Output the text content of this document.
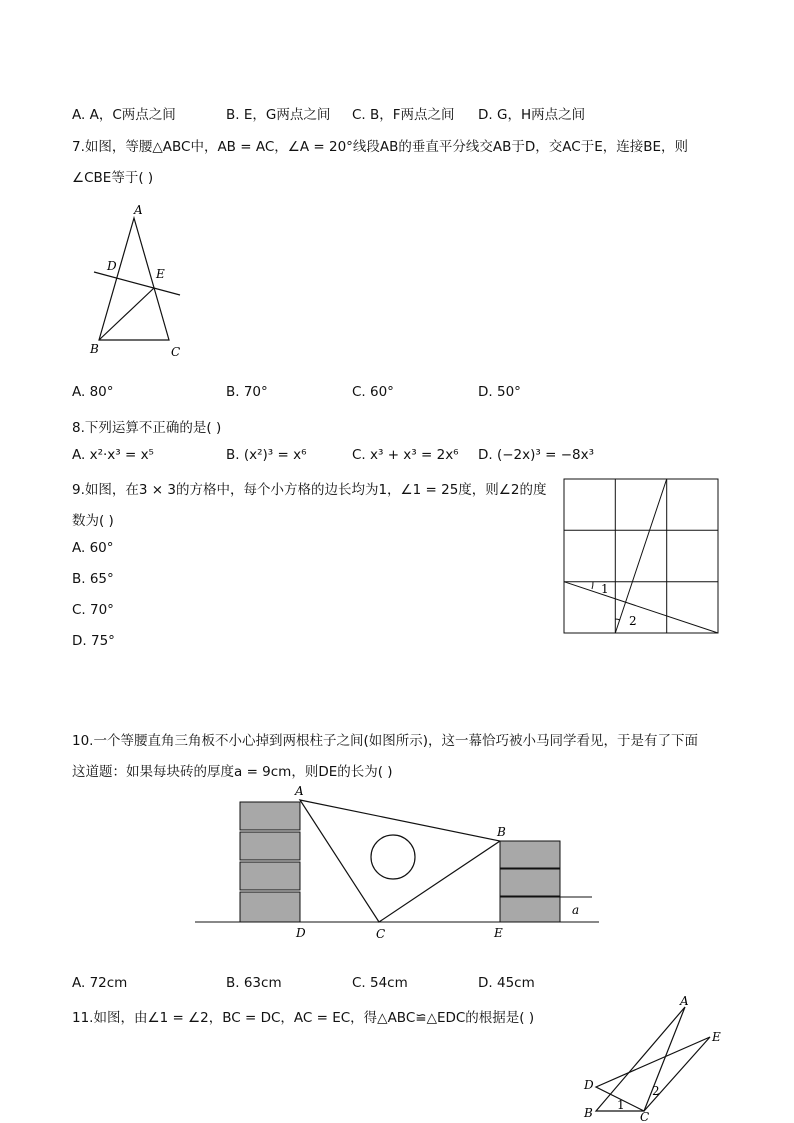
A. A，C两点之间	B. E，G两点之间 C. B，F两点之间 D. G，H两点之间
7.如图，等腰△ABC中，AB = AC，∠A = 20°线段AB的垂直平分线交AB于D，交AC于E，连接BE，则
∠CBE等于( )
A
D
E
B	C
A. 80°	B. 70°	C. 60°	D. 50°
8.下列运算不正确的是( )
A. x²·x³ = x⁵	B. (x²)³ = x⁶	C. x³ + x³ = 2x⁶ D. (−2x)³ = −8x³
9.如图，在3 × 3的方格中，每个小方格的边长均为1，∠1 = 25度，则∠2的度
数为( )
A. 60°
B. 65°
C. 70°
D. 75°
1
2
10.一个等腰直角三角板不小心掉到两根柱子之间(如图所示)，这一幕恰巧被小马同学看见，于是有了下面
这道题：如果每块砖的厚度a = 9cm，则DE的长为( )
a
A
B
D	C	E
A. 72cm	B. 63cm	C. 54cm	D. 45cm
11.如图，由∠1 = ∠2，BC = DC，AC = EC，得△ABC≌△EDC的根据是( )
A
E
D
B	C
1
2
